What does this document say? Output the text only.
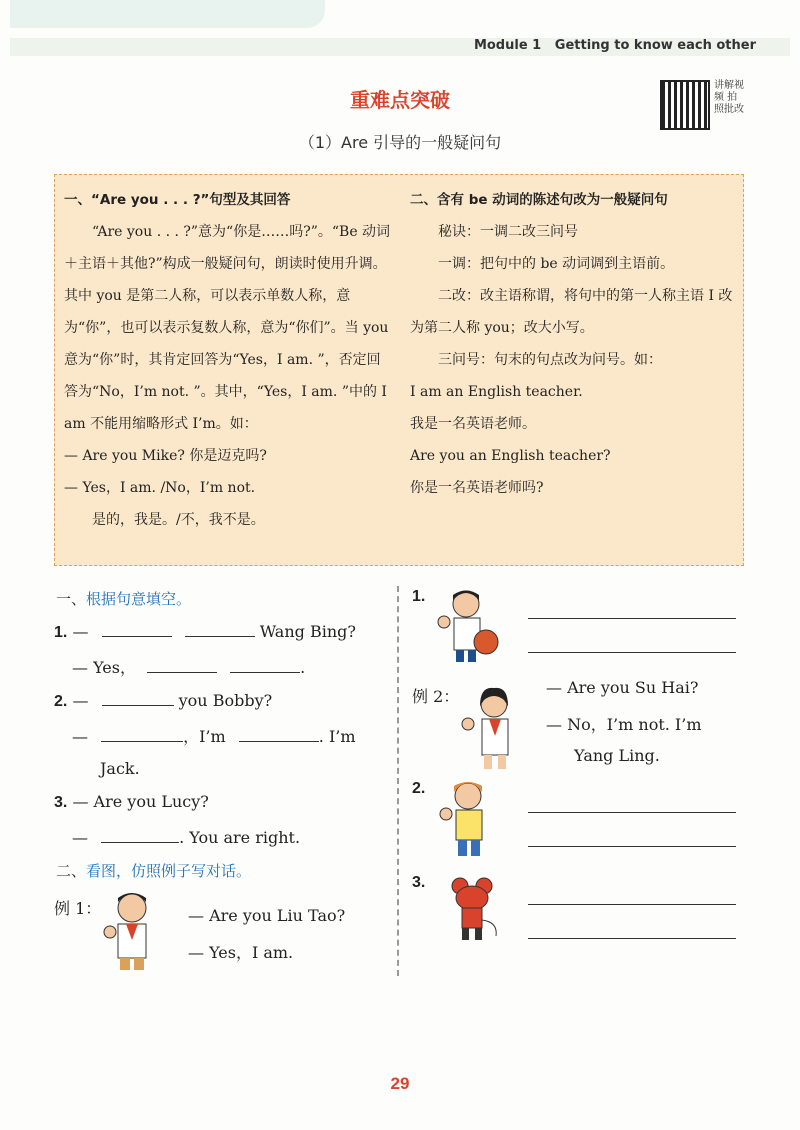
Module 1 Getting to know each other
重难点突破
（1）Are 引导的一般疑问句
讲解视频 拍照批改

一、“Are you . . . ?”句型及其回答

“Are you . . . ?”意为“你是……吗?”。“Be 动词＋主语＋其他?”构成一般疑问句，朗读时使用升调。其中 you 是第二人称，可以表示单数人称，意为“你”，也可以表示复数人称，意为“你们”。当 you 意为“你”时，其肯定回答为“Yes，I am. ”，否定回答为“No，I’m not. ”。其中，“Yes，I am. ”中的 I am 不能用缩略形式 I’m。如：

— Are you Mike? 你是迈克吗?

— Yes，I am. /No，I’m not.

是的，我是。/不，我不是。

二、含有 be 动词的陈述句改为一般疑问句

秘诀：一调二改三问号

一调：把句中的 be 动词调到主语前。

二改：改主语称谓，将句中的第一人称主语 I 改为第二人称 you；改大小写。

三问号：句末的句点改为问号。如：

I am an English teacher.

我是一名英语老师。

Are you an English teacher?

你是一名英语老师吗?

一、根据句意填空。
1. —	Wang Bing?
— Yes，	.
2. —	you Bobby?
—	，I’m	. I’m
Jack.
3. — Are you Lucy?
—	. You are right.
二、看图，仿照例子写对话。
例 1：	— Are you Liu Tao?
— Yes，I am.
1.
例 2：	— Are you Su Hai?
— No，I’m not. I’m
Yang Ling.
2.
3.
29
